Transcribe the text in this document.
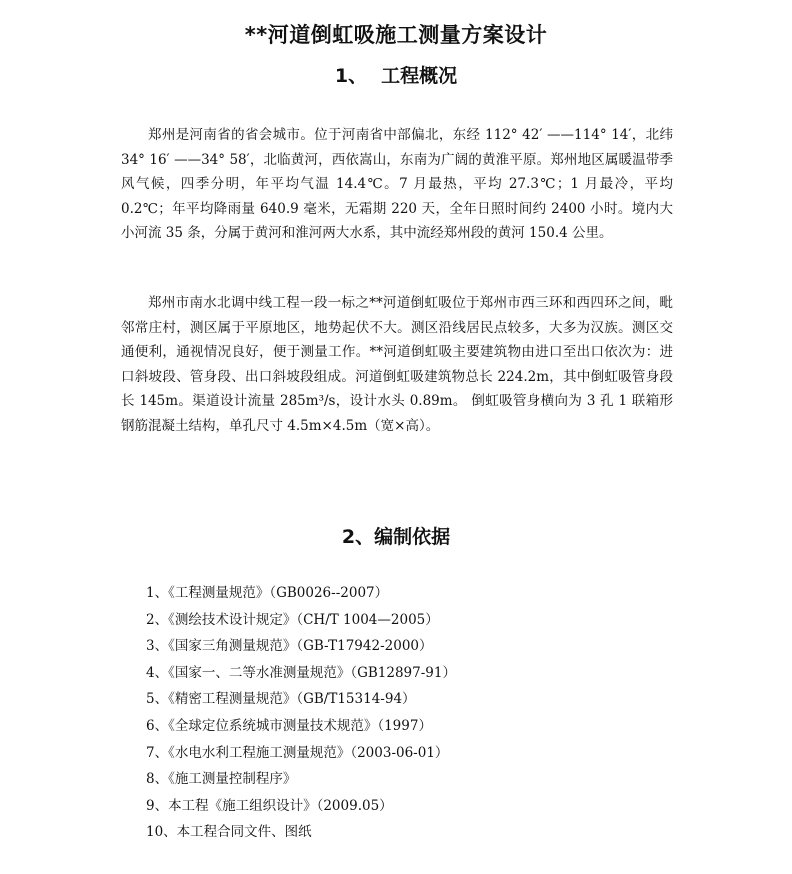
**河道倒虹吸施工测量方案设计
1、 工程概况

郑州是河南省的省会城市。位于河南省中部偏北，东经 112° 42′ ——114° 14′，北纬 34° 16′ ——34° 58′，北临黄河，西依嵩山，东南为广阔的黄淮平原。郑州地区属暖温带季风气候，四季分明，年平均气温 14.4℃。7 月最热，平均 27.3℃；1 月最冷，平均 0.2℃；年平均降雨量 640.9 毫米，无霜期 220 天，全年日照时间约 2400 小时。境内大小河流 35 条，分属于黄河和淮河两大水系，其中流经郑州段的黄河 150.4 公里。

郑州市南水北调中线工程一段一标之**河道倒虹吸位于郑州市西三环和西四环之间，毗邻常庄村，测区属于平原地区，地势起伏不大。测区沿线居民点较多，大多为汉族。测区交通便利，通视情况良好，便于测量工作。**河道倒虹吸主要建筑物由进口至出口依次为：进口斜坡段、管身段、出口斜坡段组成。河道倒虹吸建筑物总长 224.2m，其中倒虹吸管身段长 145m。渠道设计流量 285m³/s，设计水头 0.89m。 倒虹吸管身横向为 3 孔 1 联箱形钢筋混凝土结构，单孔尺寸 4.5m×4.5m（宽×高）。

2、编制依据
1、《工程测量规范》（GB0026--2007）
2、《测绘技术设计规定》（CH/T 1004—2005）
3、《国家三角测量规范》（GB-T17942-2000）
4、《国家一、二等水准测量规范》（GB12897-91）
5、《精密工程测量规范》（GB/T15314-94）
6、《全球定位系统城市测量技术规范》（1997）
7、《水电水利工程施工测量规范》（2003-06-01）
8、《施工测量控制程序》
9、本工程《施工组织设计》（2009.05）
10、本工程合同文件、图纸
